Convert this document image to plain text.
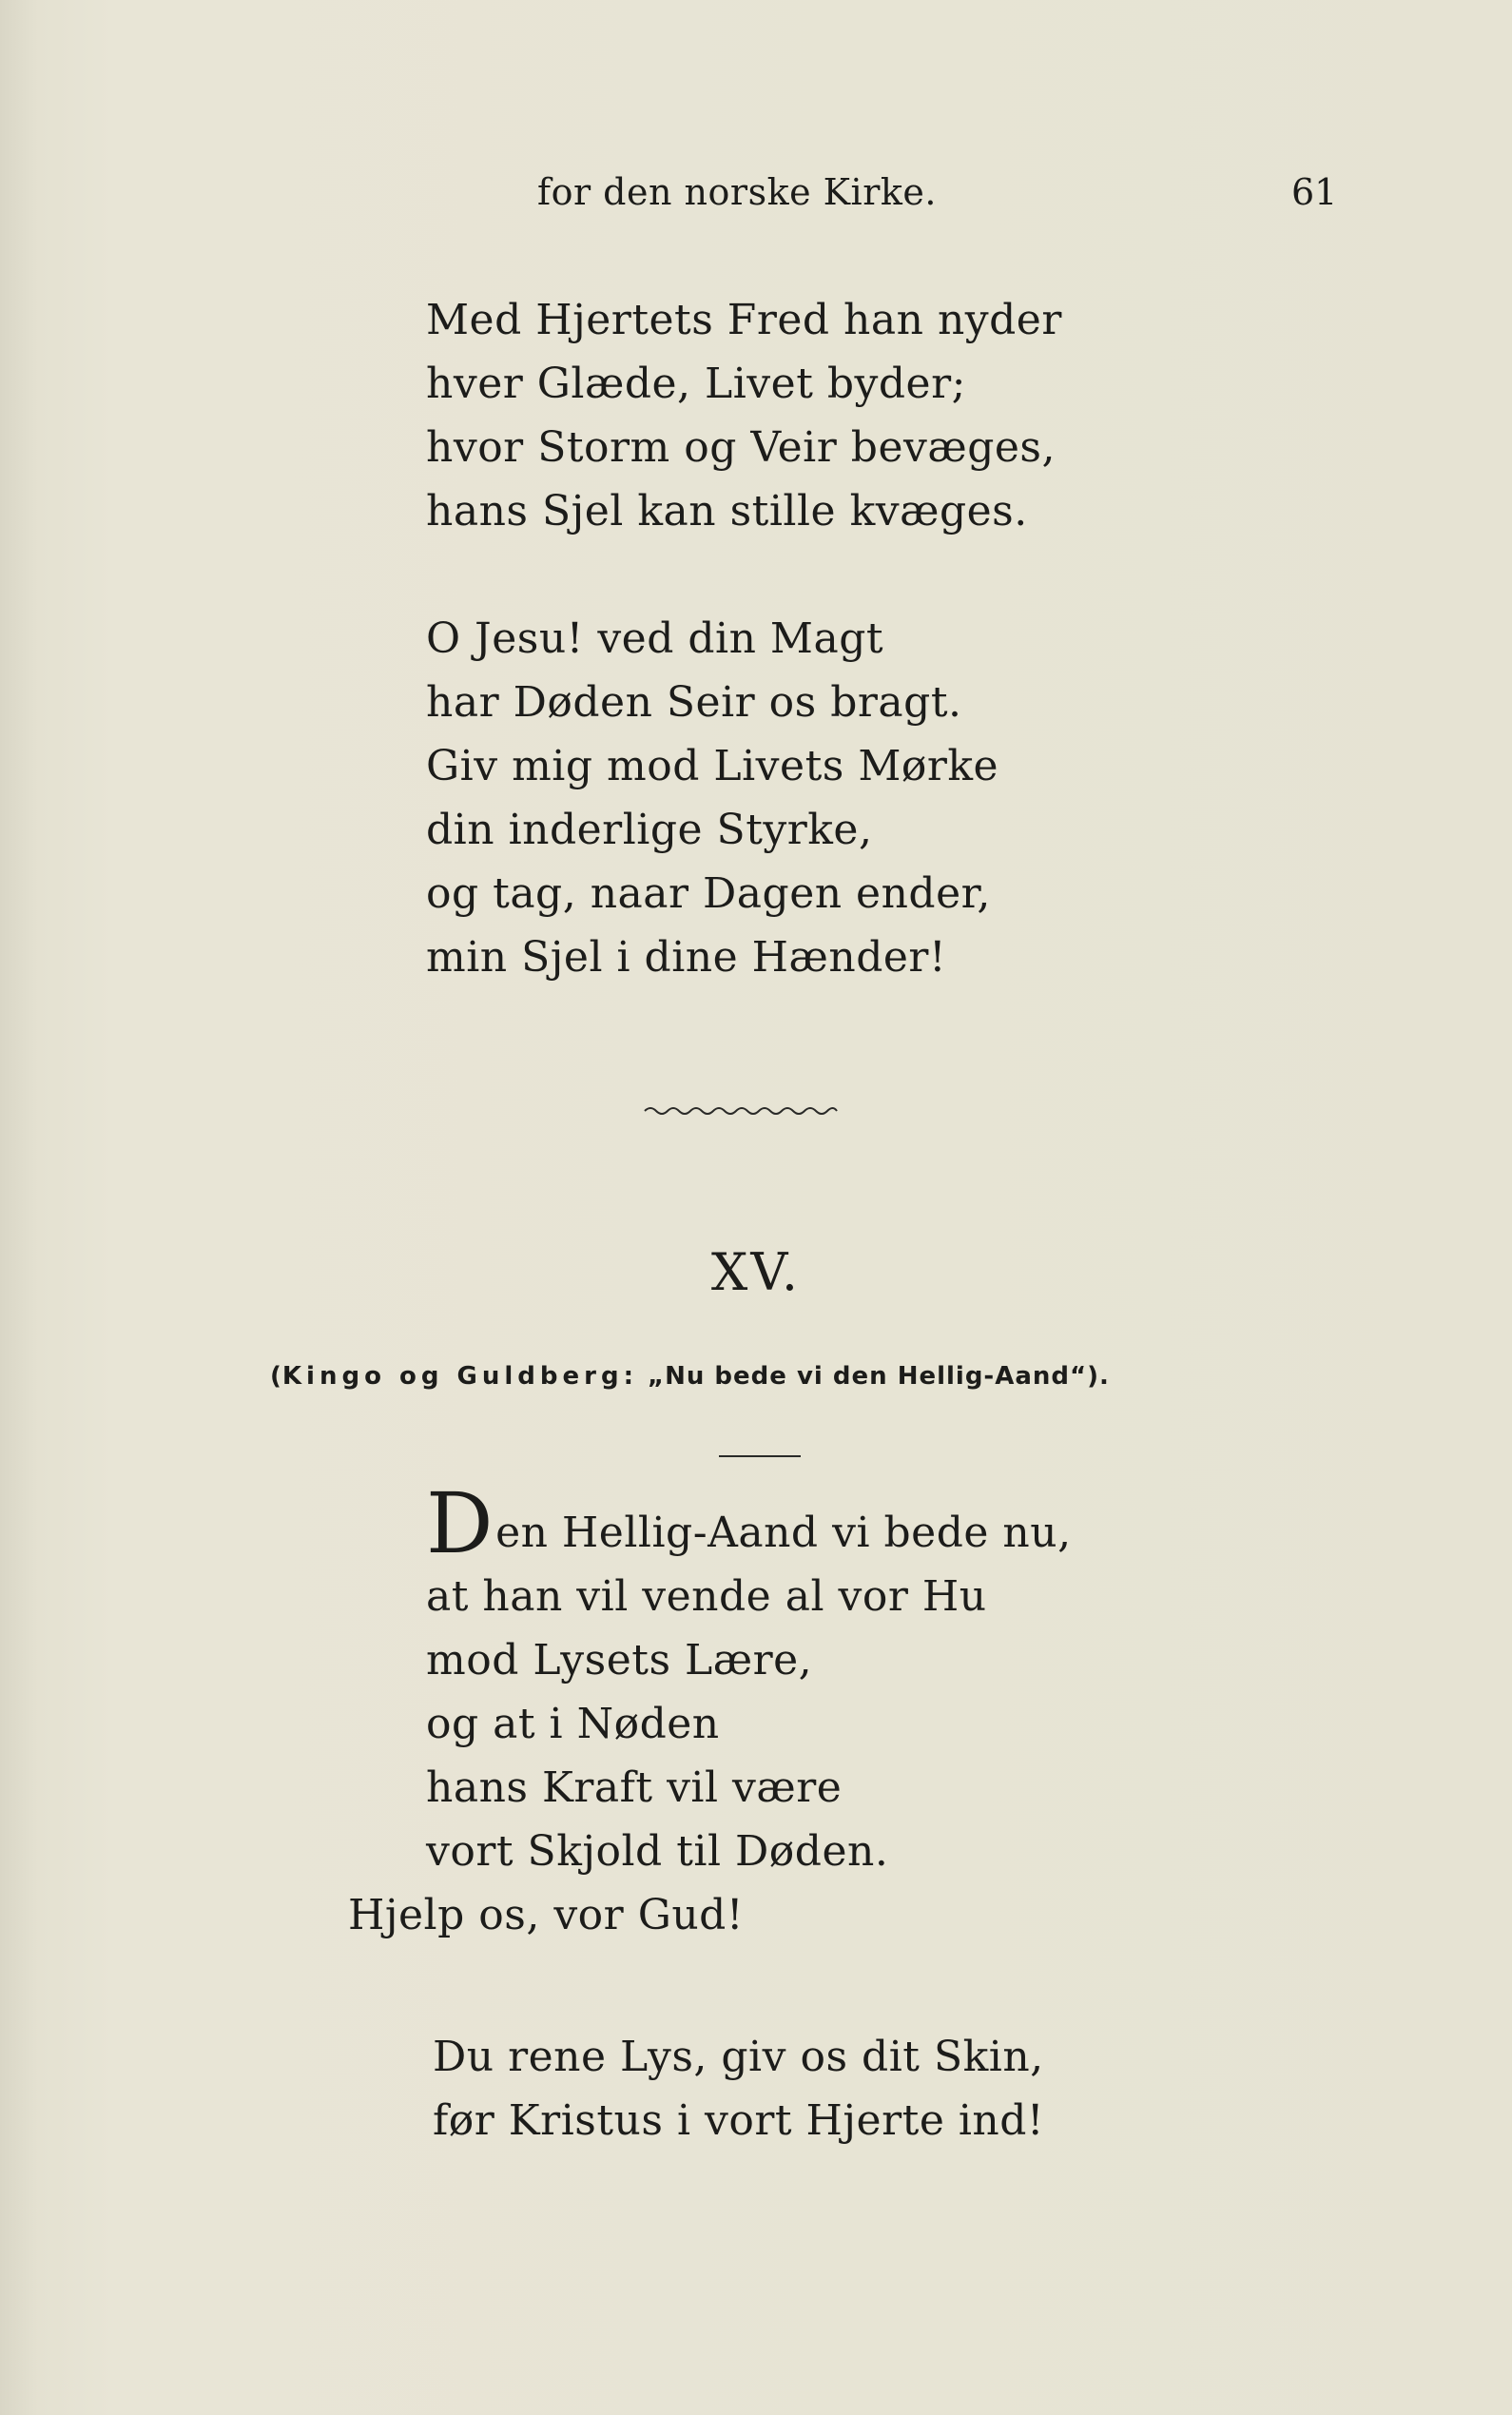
for den norske Kirke.	61
Med Hjertets Fred han nyder
hver Glæde, Livet byder;
hvor Storm og Veir bevæges,
hans Sjel kan stille kvæges.
O Jesu! ved din Magt
har Døden Seir os bragt.
Giv mig mod Livets Mørke
din inderlige Styrke,
og tag, naar Dagen ender,
min Sjel i dine Hænder!
XV.
(Kingo og Guldberg: „Nu bede vi den Hellig-Aand“).
Den Hellig-Aand vi bede nu,
at han vil vende al vor Hu
mod Lysets Lære,
og at i Nøden
hans Kraft vil være
vort Skjold til Døden.
Hjelp os, vor Gud!
Du rene Lys, giv os dit Skin,
før Kristus i vort Hjerte ind!
